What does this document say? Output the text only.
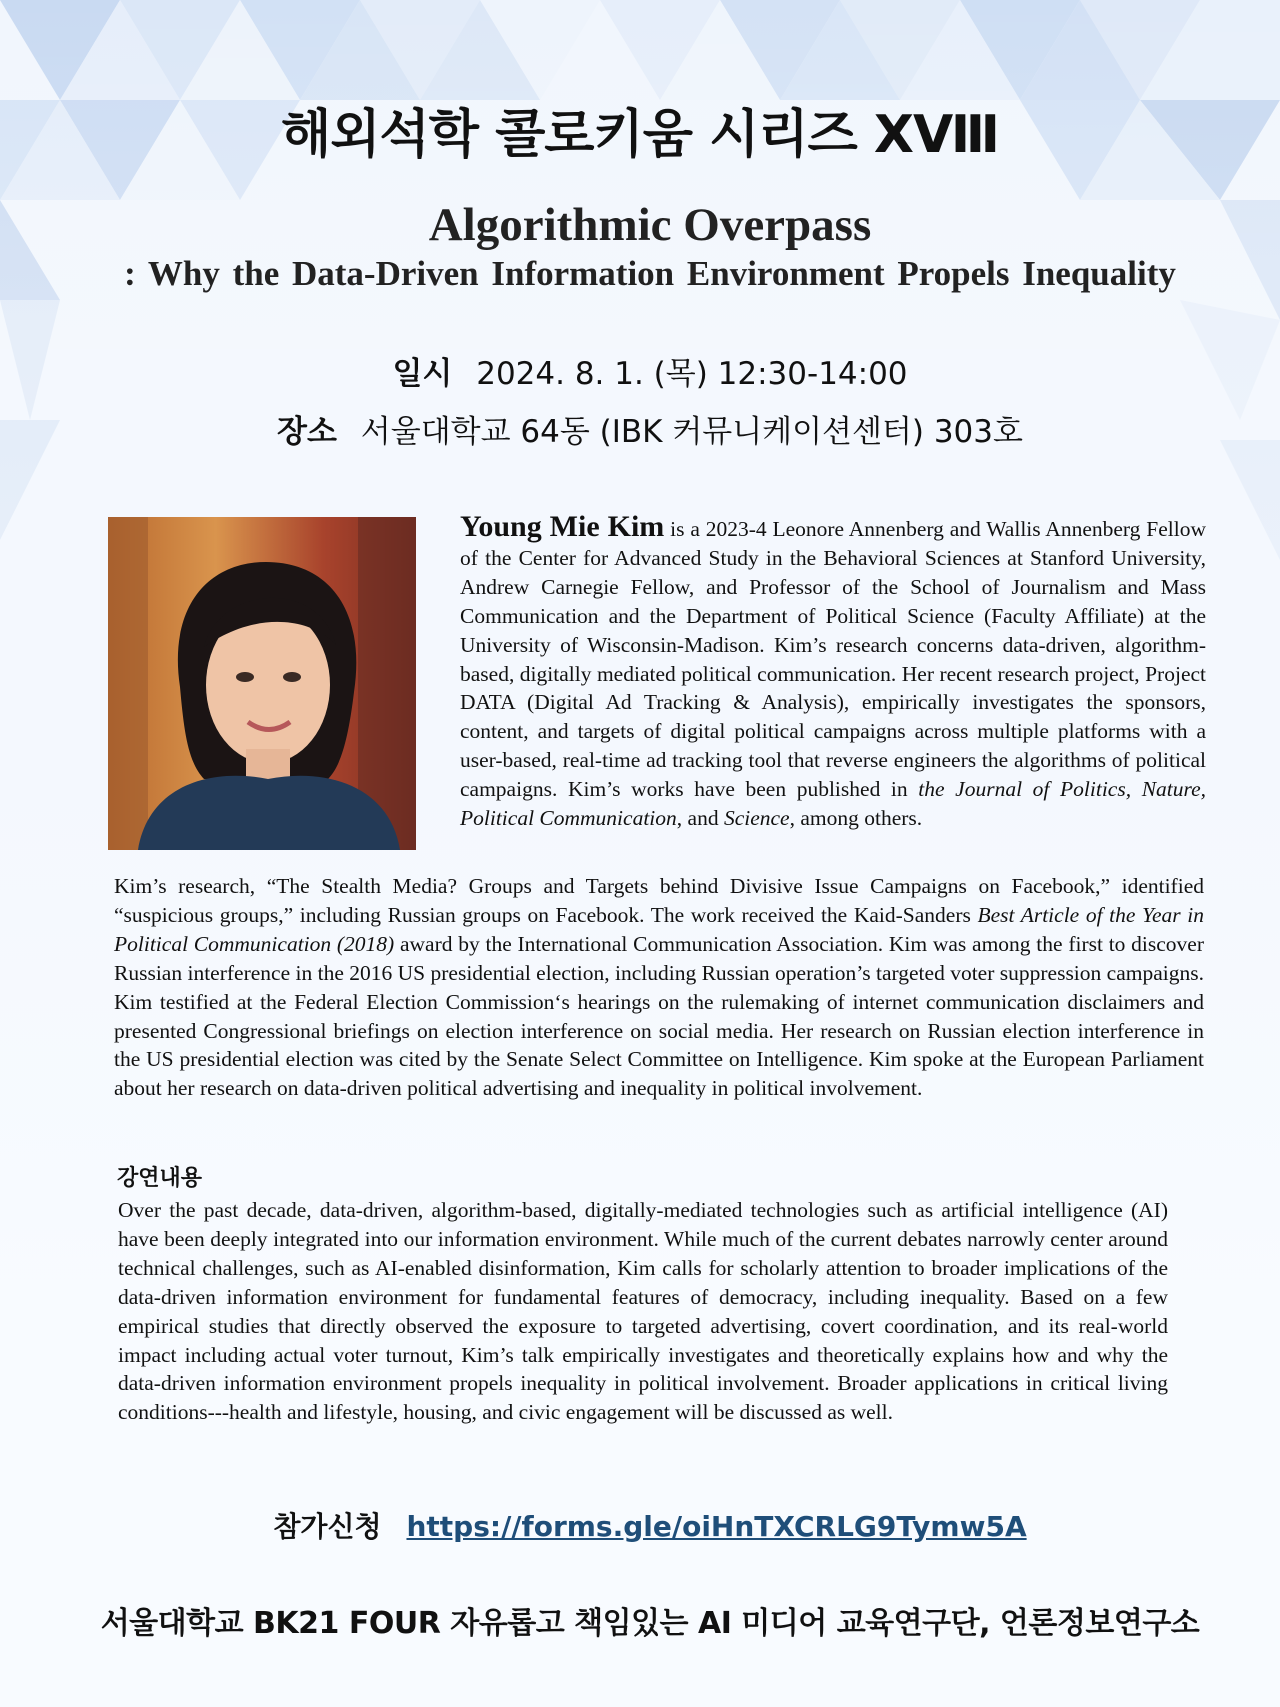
해외석학 콜로키움 시리즈 XⅧ
Algorithmic Overpass
: Why the Data-Driven Information Environment Propels Inequality
일시 2024. 8. 1. (목) 12:30-14:00
장소 서울대학교 64동 (IBK 커뮤니케이션센터) 303호

Young Mie Kim is a 2023-4 Leonore Annenberg and Wallis Annenberg Fellow of the Center for Advanced Study in the Behavioral Sciences at Stanford University, Andrew Carnegie Fellow, and Professor of the School of Journalism and Mass Communication and the Department of Political Science (Faculty Affiliate) at the University of Wisconsin-Madison. Kim’s research concerns data-driven, algorithm-based, digitally mediated political communication. Her recent research project, Project DATA (Digital Ad Tracking & Analysis), empirically investigates the sponsors, content, and targets of digital political campaigns across multiple platforms with a user-based, real-time ad tracking tool that reverse engineers the algorithms of political campaigns. Kim’s works have been published in the Journal of Politics, Nature, Political Communication, and Science, among others.

Kim’s research, “The Stealth Media? Groups and Targets behind Divisive Issue Campaigns on Facebook,” identified “suspicious groups,” including Russian groups on Facebook. The work received the Kaid-Sanders Best Article of the Year in Political Communication (2018) award by the International Communication Association. Kim was among the first to discover Russian interference in the 2016 US presidential election, including Russian operation’s targeted voter suppression campaigns. Kim testified at the Federal Election Commission‘s hearings on the rulemaking of internet communication disclaimers and presented Congressional briefings on election interference on social media. Her research on Russian election interference in the US presidential election was cited by the Senate Select Committee on Intelligence. Kim spoke at the European Parliament about her research on data-driven political advertising and inequality in political involvement.

강연내용

Over the past decade, data-driven, algorithm-based, digitally-mediated technologies such as artificial intelligence (AI) have been deeply integrated into our information environment. While much of the current debates narrowly center around technical challenges, such as AI-enabled disinformation, Kim calls for scholarly attention to broader implications of the data-driven information environment for fundamental features of democracy, including inequality. Based on a few empirical studies that directly observed the exposure to targeted advertising, covert coordination, and its real-world impact including actual voter turnout, Kim’s talk empirically investigates and theoretically explains how and why the data-driven information environment propels inequality in political involvement. Broader applications in critical living conditions---health and lifestyle, housing, and civic engagement will be discussed as well.

참가신청 https://forms.gle/oiHnTXCRLG9Tymw5A
서울대학교 BK21 FOUR 자유롭고 책임있는 AI 미디어 교육연구단, 언론정보연구소
